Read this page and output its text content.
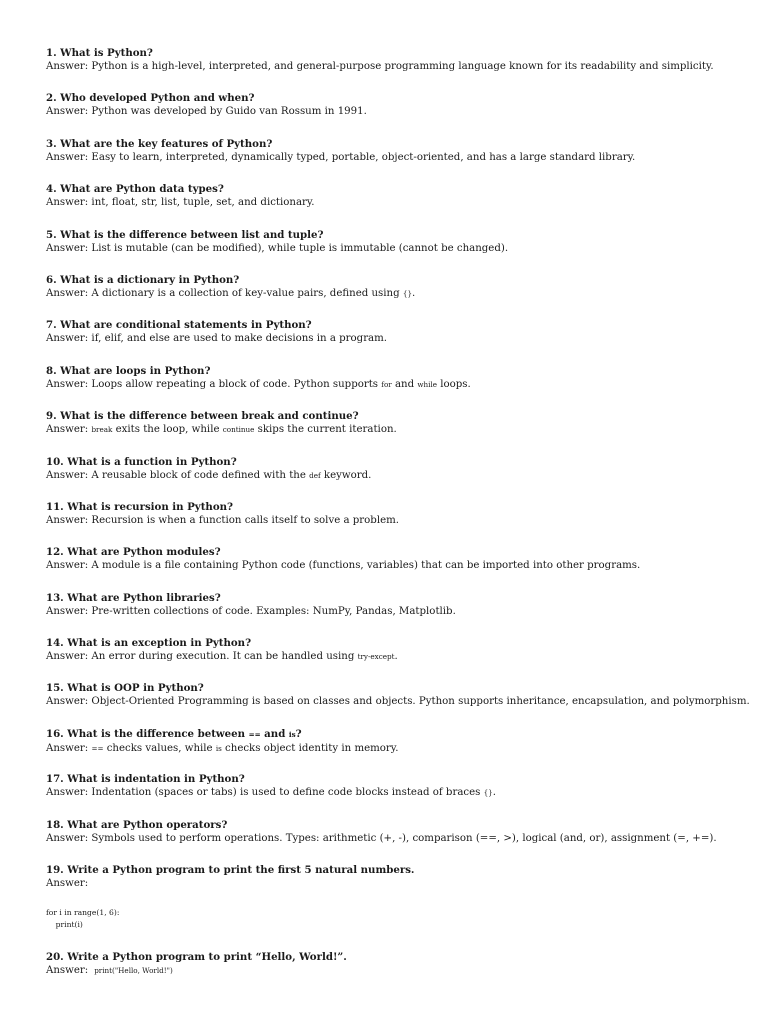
1. What is Python?
Answer: Python is a high-level, interpreted, and general-purpose programming language known for its readability and simplicity.
2. Who developed Python and when?
Answer: Python was developed by Guido van Rossum in 1991.
3. What are the key features of Python?
Answer: Easy to learn, interpreted, dynamically typed, portable, object-oriented, and has a large standard library.
4. What are Python data types?
Answer: int, float, str, list, tuple, set, and dictionary.
5. What is the difference between list and tuple?
Answer: List is mutable (can be modified), while tuple is immutable (cannot be changed).
6. What is a dictionary in Python?
Answer: A dictionary is a collection of key-value pairs, defined using {}.
7. What are conditional statements in Python?
Answer: if, elif, and else are used to make decisions in a program.
8. What are loops in Python?
Answer: Loops allow repeating a block of code. Python supports for and while loops.
9. What is the difference between break and continue?
Answer: break exits the loop, while continue skips the current iteration.
10. What is a function in Python?
Answer: A reusable block of code defined with the def keyword.
11. What is recursion in Python?
Answer: Recursion is when a function calls itself to solve a problem.
12. What are Python modules?
Answer: A module is a file containing Python code (functions, variables) that can be imported into other programs.
13. What are Python libraries?
Answer: Pre-written collections of code. Examples: NumPy, Pandas, Matplotlib.
14. What is an exception in Python?
Answer: An error during execution. It can be handled using try-except.
15. What is OOP in Python?
Answer: Object-Oriented Programming is based on classes and objects. Python supports inheritance, encapsulation, and polymorphism.
16. What is the difference between == and is?
Answer: == checks values, while is checks object identity in memory.
17. What is indentation in Python?
Answer: Indentation (spaces or tabs) is used to define code blocks instead of braces {}.
18. What are Python operators?
Answer: Symbols used to perform operations. Types: arithmetic (+, -), comparison (==, >), logical (and, or), assignment (=, +=).
19. Write a Python program to print the first 5 natural numbers.
Answer:
for i in range(1, 6):
print(i)
20. Write a Python program to print “Hello, World!”.
Answer: print("Hello, World!")
